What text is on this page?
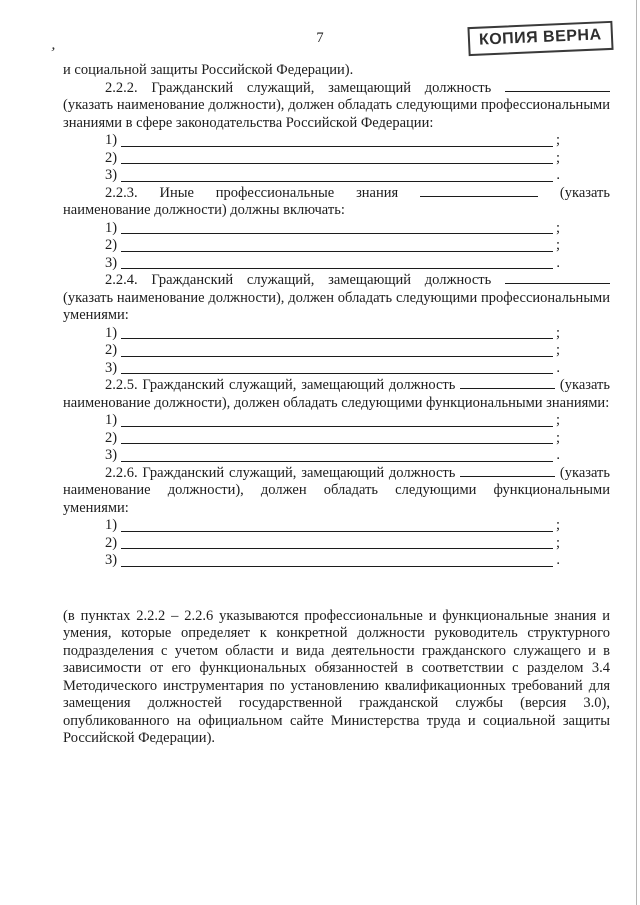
,	7	КОПИЯ ВЕРНА

и социальной защиты Российской Федерации).

2.2.2. Гражданский служащий, замещающий должность  (указать наименование должности), должен обладать следующими профессиональными знаниями в сфере законодательства Российской Федерации:

1)	;
2)	;
3)	.

2.2.3. Иные профессиональные знания	(указать наименование должности) должны включать:

1)	;
2)	;
3)	.

2.2.4. Гражданский служащий, замещающий должность  (указать наименование должности), должен обладать следующими профессиональными умениями:

1)	;
2)	;
3)	.

2.2.5. Гражданский служащий, замещающий должность	(указать наименование должности), должен обладать следующими функциональными знаниями:

1)	;
2)	;
3)	.

2.2.6. Гражданский служащий, замещающий должность	(указать наименование должности), должен обладать следующими функциональными умениями:

1)	;
2)	;
3)	.

(в пунктах 2.2.2 – 2.2.6 указываются профессиональные и функциональные знания и умения, которые определяет к конкретной должности руководитель структурного подразделения с учетом области и вида деятельности гражданского служащего и в зависимости от его функциональных обязанностей в соответствии с разделом 3.4 Методического инструментария по установлению квалификационных требований для замещения должностей государственной гражданской службы (версия 3.0), опубликованного на официальном сайте Министерства труда и социальной защиты Российской Федерации).
